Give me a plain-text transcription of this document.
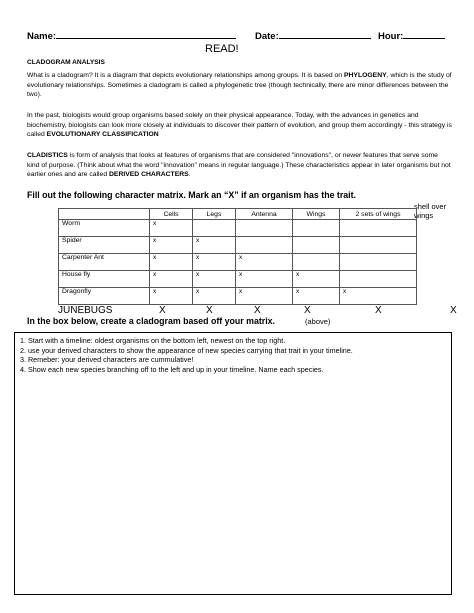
Name:	Date:	Hour:
READ!
CLADOGRAM ANALYSIS
What is a cladogram? It is a diagram that depicts evolutionary relationships among groups. It is based on PHYLOGENY, which is the study of evolutionary relationships. Sometimes a cladogram is called a phylogenetic tree (though technically, there are minor differences between the two).
In the past, biologists would group organisms based solely on their physical appearance. Today, with the advances in genetics and biochemistry, biologists can look more closely at individuals to discover their pattern of evolution, and group them accordingly - this strategy is called EVOLUTIONARY CLASSIFICATION
CLADISTICS is form of analysis that looks at features of organisms that are considered "innovations", or newer features that serve some kind of purpose. (Think about what the word "innovation" means in regular language.) These characteristics appear in later organisms but not earlier ones and are called DERIVED CHARACTERS.
Fill out the following character matrix. Mark an “X” if an organism has the trait.
shell over wings
	Cells	Legs	Antenna	Wings	2 sets of wings
Worm	x				
Spider	x	x			
Carpenter Ant	x	x	x		
House fly	x	x	x	x	
Dragonfly	x	x	x	x	x
JUNEBUGS	X	X	X	X	X	X
In the box below, create a cladogram based off your matrix.	(above)
1. Start with a timeline: oldest organisms on the bottom left, newest on the top right.
2. use your derived characters to show the appearance of new species carrying that trait in your timeline.
3. Remeber: your derived characters are cummulative!
4. Show each new species branching off to the left and up in your timeline. Name each species.
